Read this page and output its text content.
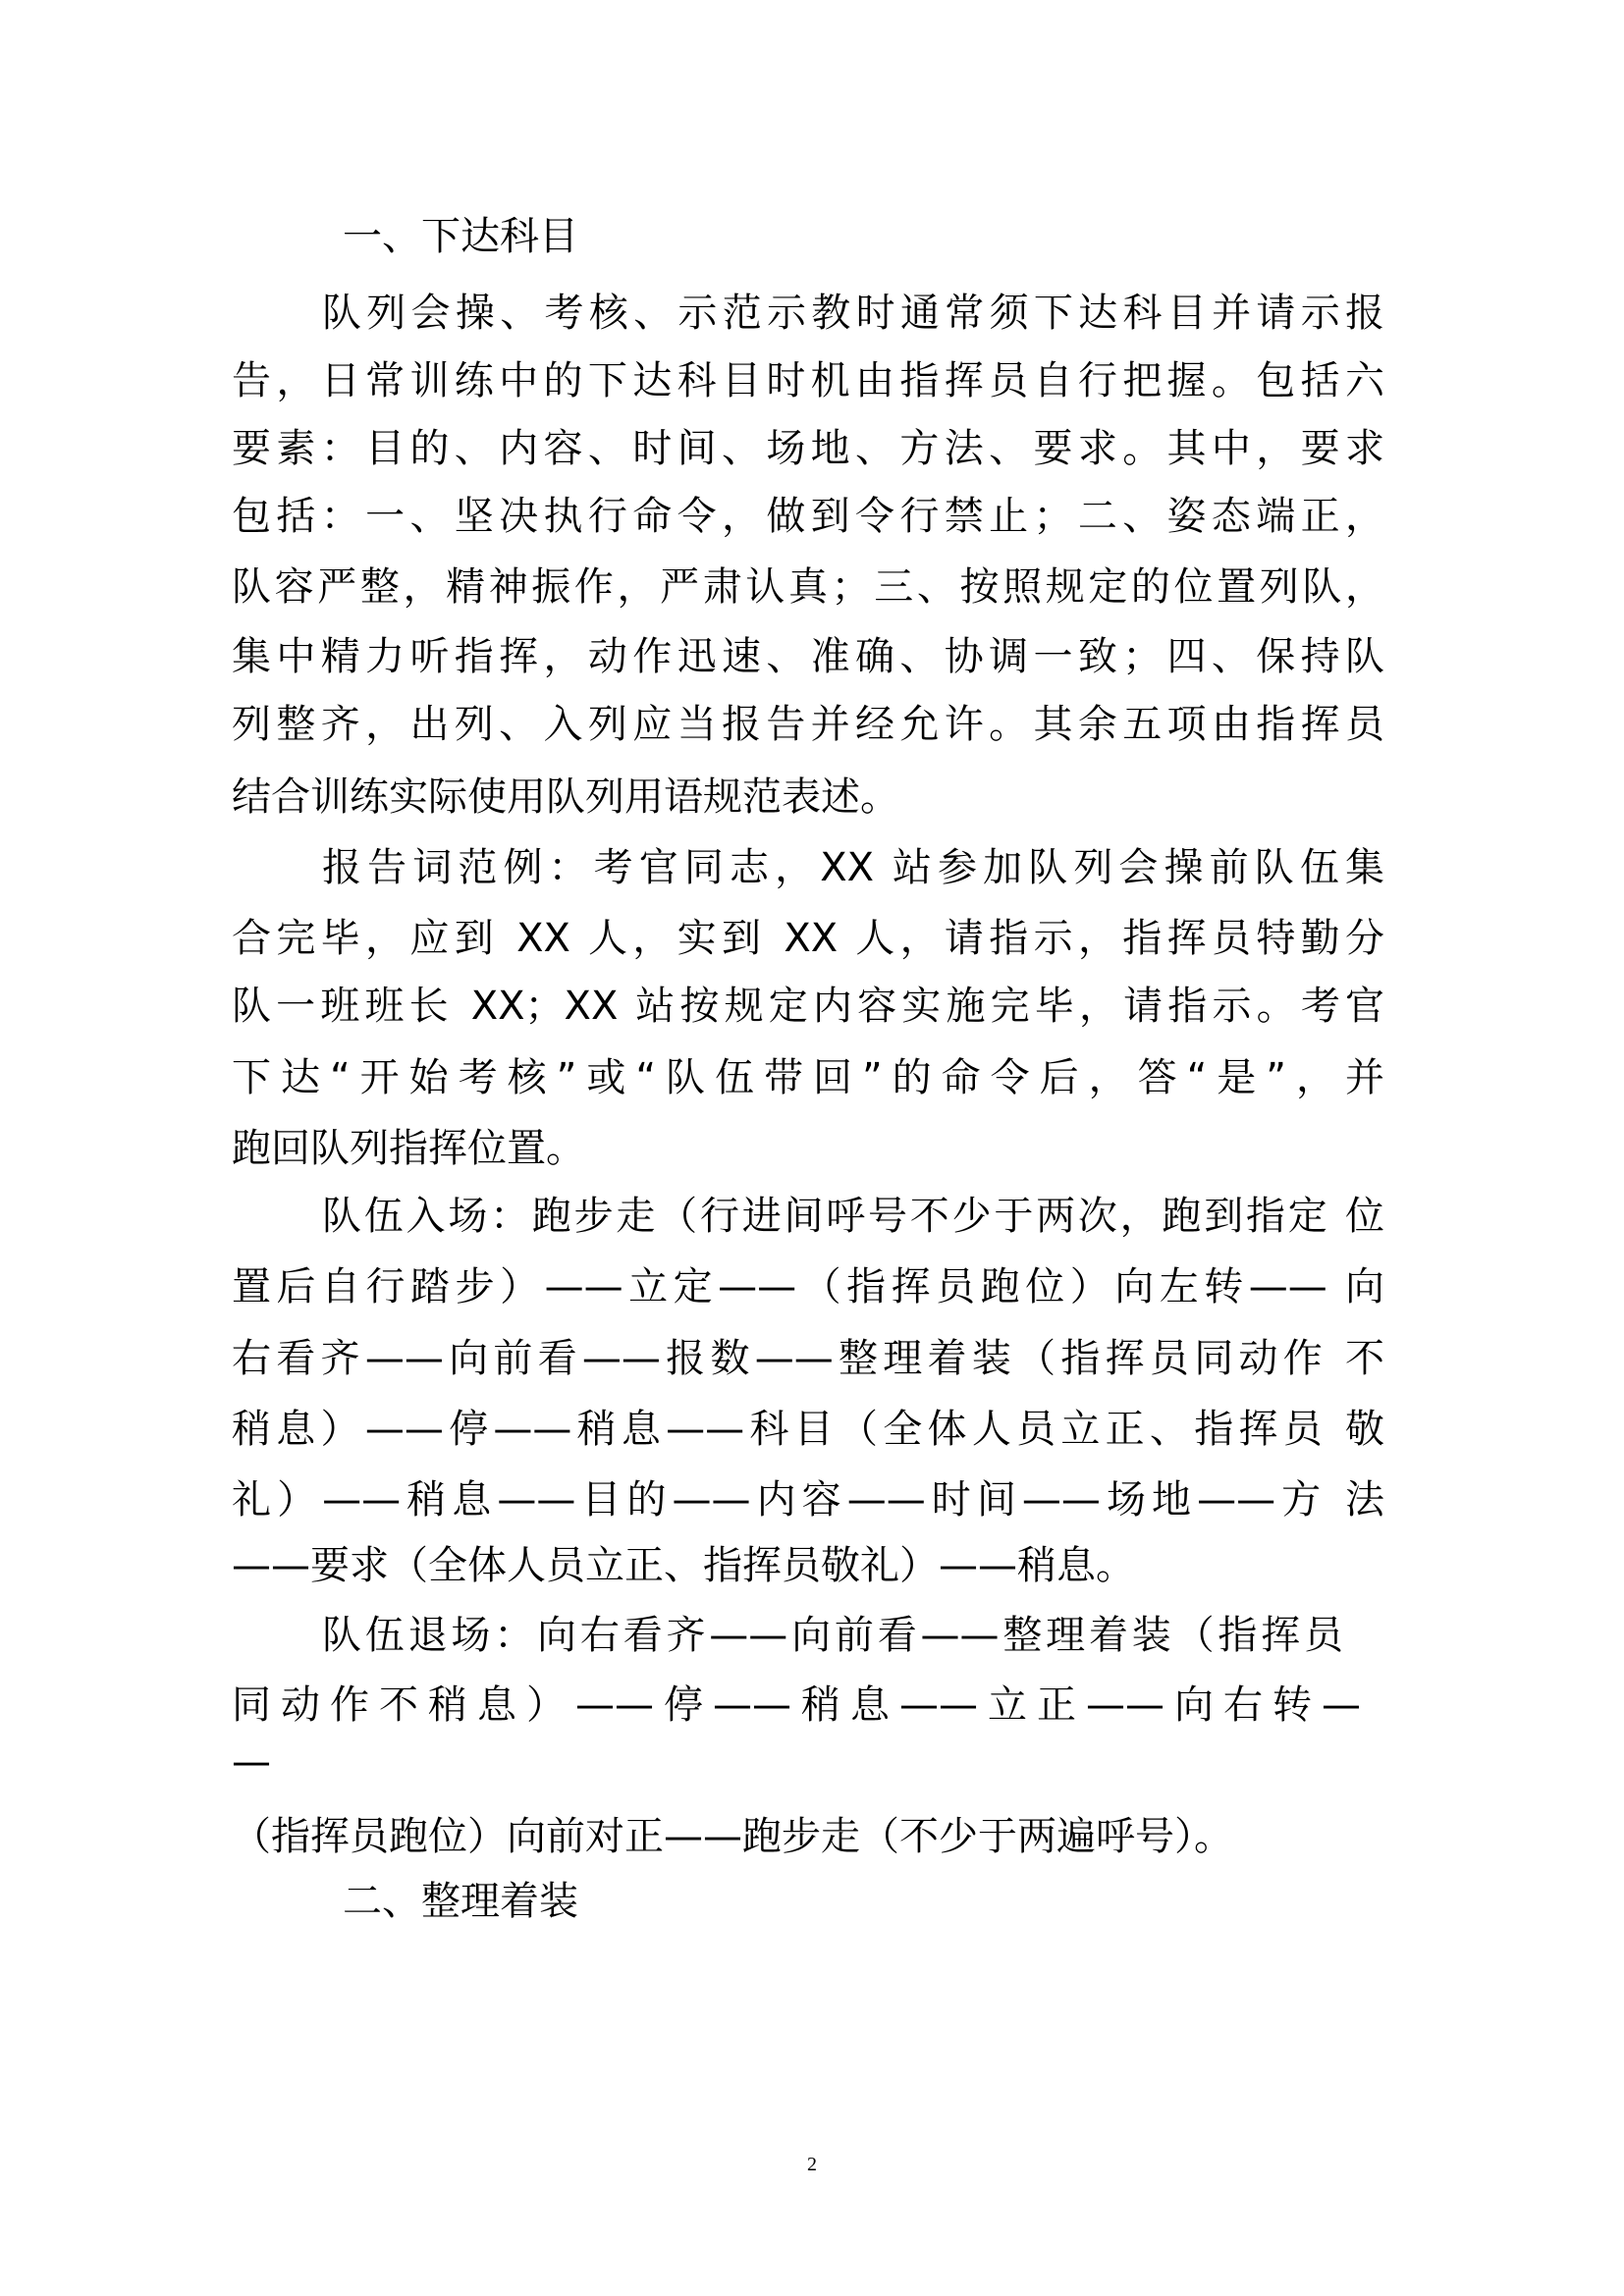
一、下达科目
队列会操、考核、示范示教时通常须下达科目并请示报
告，日常训练中的下达科目时机由指挥员自行把握。包括六
要素：目的、内容、时间、场地、方法、要求。其中，要求
包括：一、坚决执行命令，做到令行禁止；二、姿态端正，
队容严整，精神振作，严肃认真；三、按照规定的位置列队，
集中精力听指挥，动作迅速、准确、协调一致；四、保持队
列整齐，出列、入列应当报告并经允许。其余五项由指挥员
结合训练实际使用队列用语规范表述。
报告词范例：考官同志，XX 站参加队列会操前队伍集
合完毕，应到 XX 人，实到 XX 人，请指示，指挥员特勤分
队一班班长 XX；XX 站按规定内容实施完毕，请指示。考官
下达“开始考核”或“队伍带回”的命令后，答“是”，并
跑回队列指挥位置。
队伍入场：跑步走（行进间呼号不少于两次，跑到指定 位
置后自行踏步）——立定——（指挥员跑位）向左转—— 向
右看齐——向前看——报数——整理着装（指挥员同动作 不
稍息）——停——稍息——科目（全体人员立正、指挥员 敬
礼）——稍息——目的——内容——时间——场地——方 法
——要求（全体人员立正、指挥员敬礼）——稍息。
队伍退场：向右看齐——向前看——整理着装（指挥员
同动作不稍息）——停——稍息——立正——向右转—
—
（指挥员跑位）向前对正——跑步走（不少于两遍呼号）。
二、整理着装
2
